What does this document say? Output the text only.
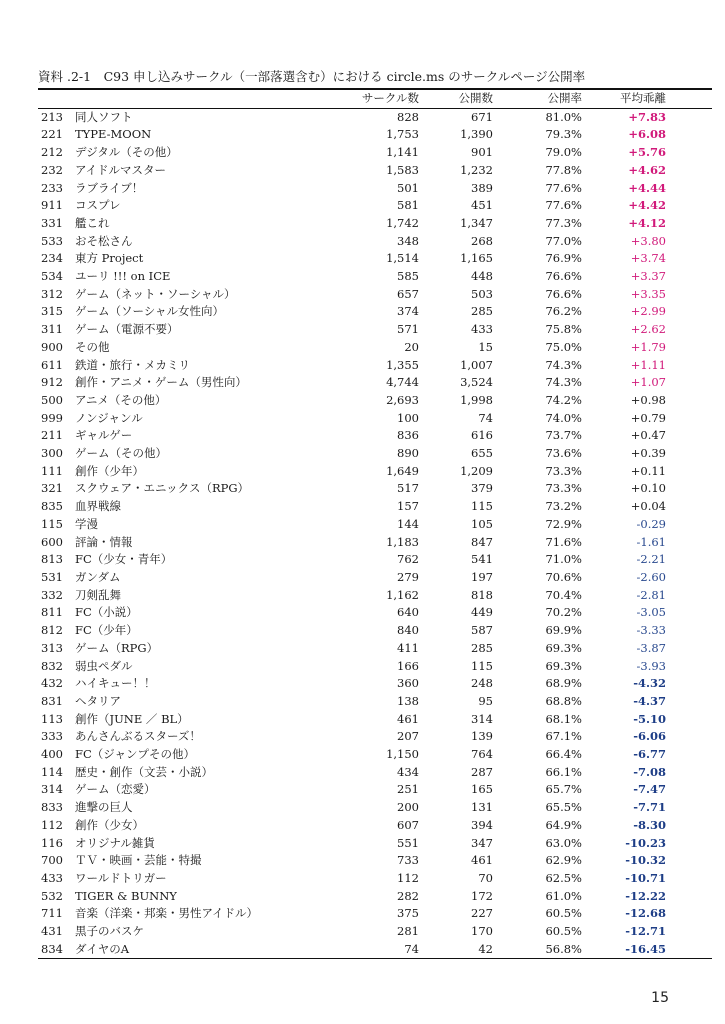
資料 .2-1　C93 申し込みサークル（一部落選含む）における circle.ms のサークルページ公開率
		サークル数	公開数	公開率	平均乖離
213	同人ソフト	828	671	81.0%	+7.83
221	TYPE-MOON	1,753	1,390	79.3%	+6.08
212	デジタル（その他）	1,141	901	79.0%	+5.76
232	アイドルマスター	1,583	1,232	77.8%	+4.62
233	ラブライブ！	501	389	77.6%	+4.44
911	コスプレ	581	451	77.6%	+4.42
331	艦これ	1,742	1,347	77.3%	+4.12
533	おそ松さん	348	268	77.0%	+3.80
234	東方 Project	1,514	1,165	76.9%	+3.74
534	ユーリ !!! on ICE	585	448	76.6%	+3.37
312	ゲーム（ネット・ソーシャル）	657	503	76.6%	+3.35
315	ゲーム（ソーシャル女性向）	374	285	76.2%	+2.99
311	ゲーム（電源不要）	571	433	75.8%	+2.62
900	その他	20	15	75.0%	+1.79
611	鉄道・旅行・メカミリ	1,355	1,007	74.3%	+1.11
912	創作・アニメ・ゲーム（男性向）	4,744	3,524	74.3%	+1.07
500	アニメ（その他）	2,693	1,998	74.2%	+0.98
999	ノンジャンル	100	74	74.0%	+0.79
211	ギャルゲー	836	616	73.7%	+0.47
300	ゲーム（その他）	890	655	73.6%	+0.39
111	創作（少年）	1,649	1,209	73.3%	+0.11
321	スクウェア・エニックス（RPG）	517	379	73.3%	+0.10
835	血界戦線	157	115	73.2%	+0.04
115	学漫	144	105	72.9%	-0.29
600	評論・情報	1,183	847	71.6%	-1.61
813	FC（少女・青年）	762	541	71.0%	-2.21
531	ガンダム	279	197	70.6%	-2.60
332	刀剣乱舞	1,162	818	70.4%	-2.81
811	FC（小説）	640	449	70.2%	-3.05
812	FC（少年）	840	587	69.9%	-3.33
313	ゲーム（RPG）	411	285	69.3%	-3.87
832	弱虫ペダル	166	115	69.3%	-3.93
432	ハイキュー！！	360	248	68.9%	-4.32
831	ヘタリア	138	95	68.8%	-4.37
113	創作（JUNE ／ BL）	461	314	68.1%	-5.10
333	あんさんぶるスターズ！	207	139	67.1%	-6.06
400	FC（ジャンプその他）	1,150	764	66.4%	-6.77
114	歴史・創作（文芸・小説）	434	287	66.1%	-7.08
314	ゲーム（恋愛）	251	165	65.7%	-7.47
833	進撃の巨人	200	131	65.5%	-7.71
112	創作（少女）	607	394	64.9%	-8.30
116	オリジナル雑貨	551	347	63.0%	-10.23
700	ＴＶ・映画・芸能・特撮	733	461	62.9%	-10.32
433	ワールドトリガー	112	70	62.5%	-10.71
532	TIGER & BUNNY	282	172	61.0%	-12.22
711	音楽（洋楽・邦楽・男性アイドル）	375	227	60.5%	-12.68
431	黒子のバスケ	281	170	60.5%	-12.71
834	ダイヤのA	74	42	56.8%	-16.45
15
